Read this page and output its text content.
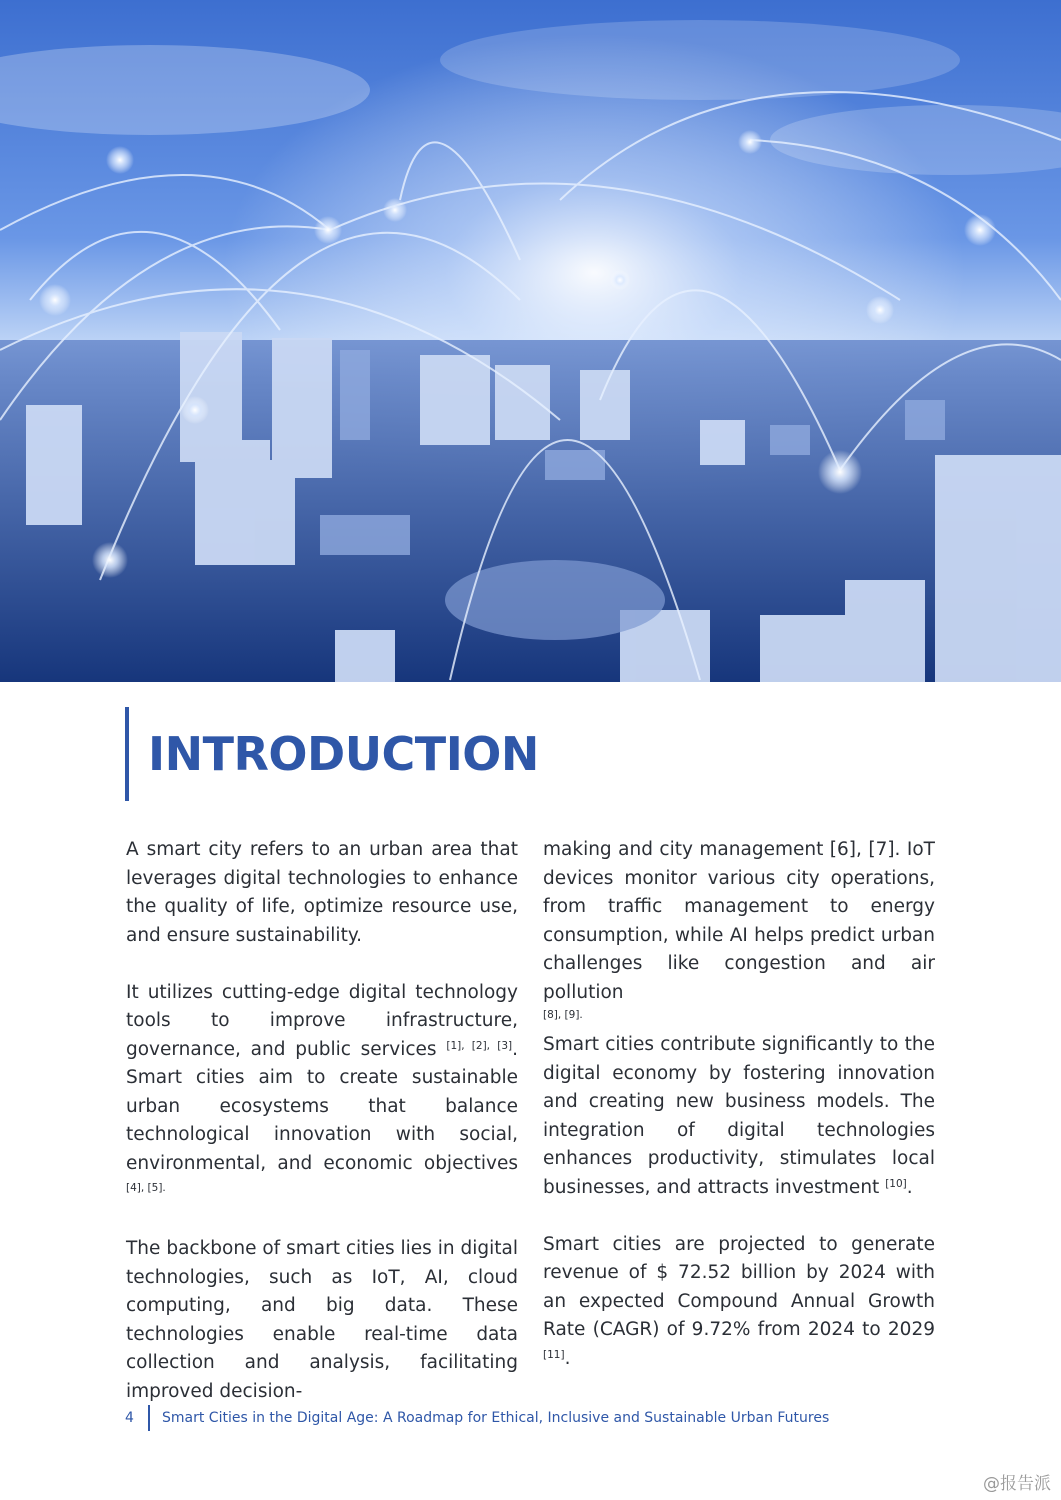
INTRODUCTION

A smart city refers to an urban area that leverages digital technologies to enhance the quality of life, optimize resource use, and ensure sustainability.

It utilizes cutting-edge digital technology tools to improve infrastructure, governance, and public services [1], [2], [3]. Smart cities aim to create sustainable urban ecosystems that balance technological innovation with social, environmental, and economic objectives $^{[4], [5].}$

The backbone of smart cities lies in digital technologies, such as IoT, AI, cloud computing, and big data. These technologies enable real-time data collection and analysis, facilitating improved decision-

making and city management [6], [7]. IoT devices monitor various city operations, from traffic management to energy consumption, while AI helps predict urban challenges like congestion and air pollution

[8], [9].

Smart cities contribute significantly to the digital economy by fostering innovation and creating new business models. The integration of digital technologies enhances productivity, stimulates local businesses, and attracts investment [10].

Smart cities are projected to generate revenue of $ 72.52 billion by 2024 with an expected Compound Annual Growth Rate (CAGR) of 9.72% from 2024 to 2029 [11].

4 Smart Cities in the Digital Age: A Roadmap for Ethical, Inclusive and Sustainable Urban Futures
@报告派
